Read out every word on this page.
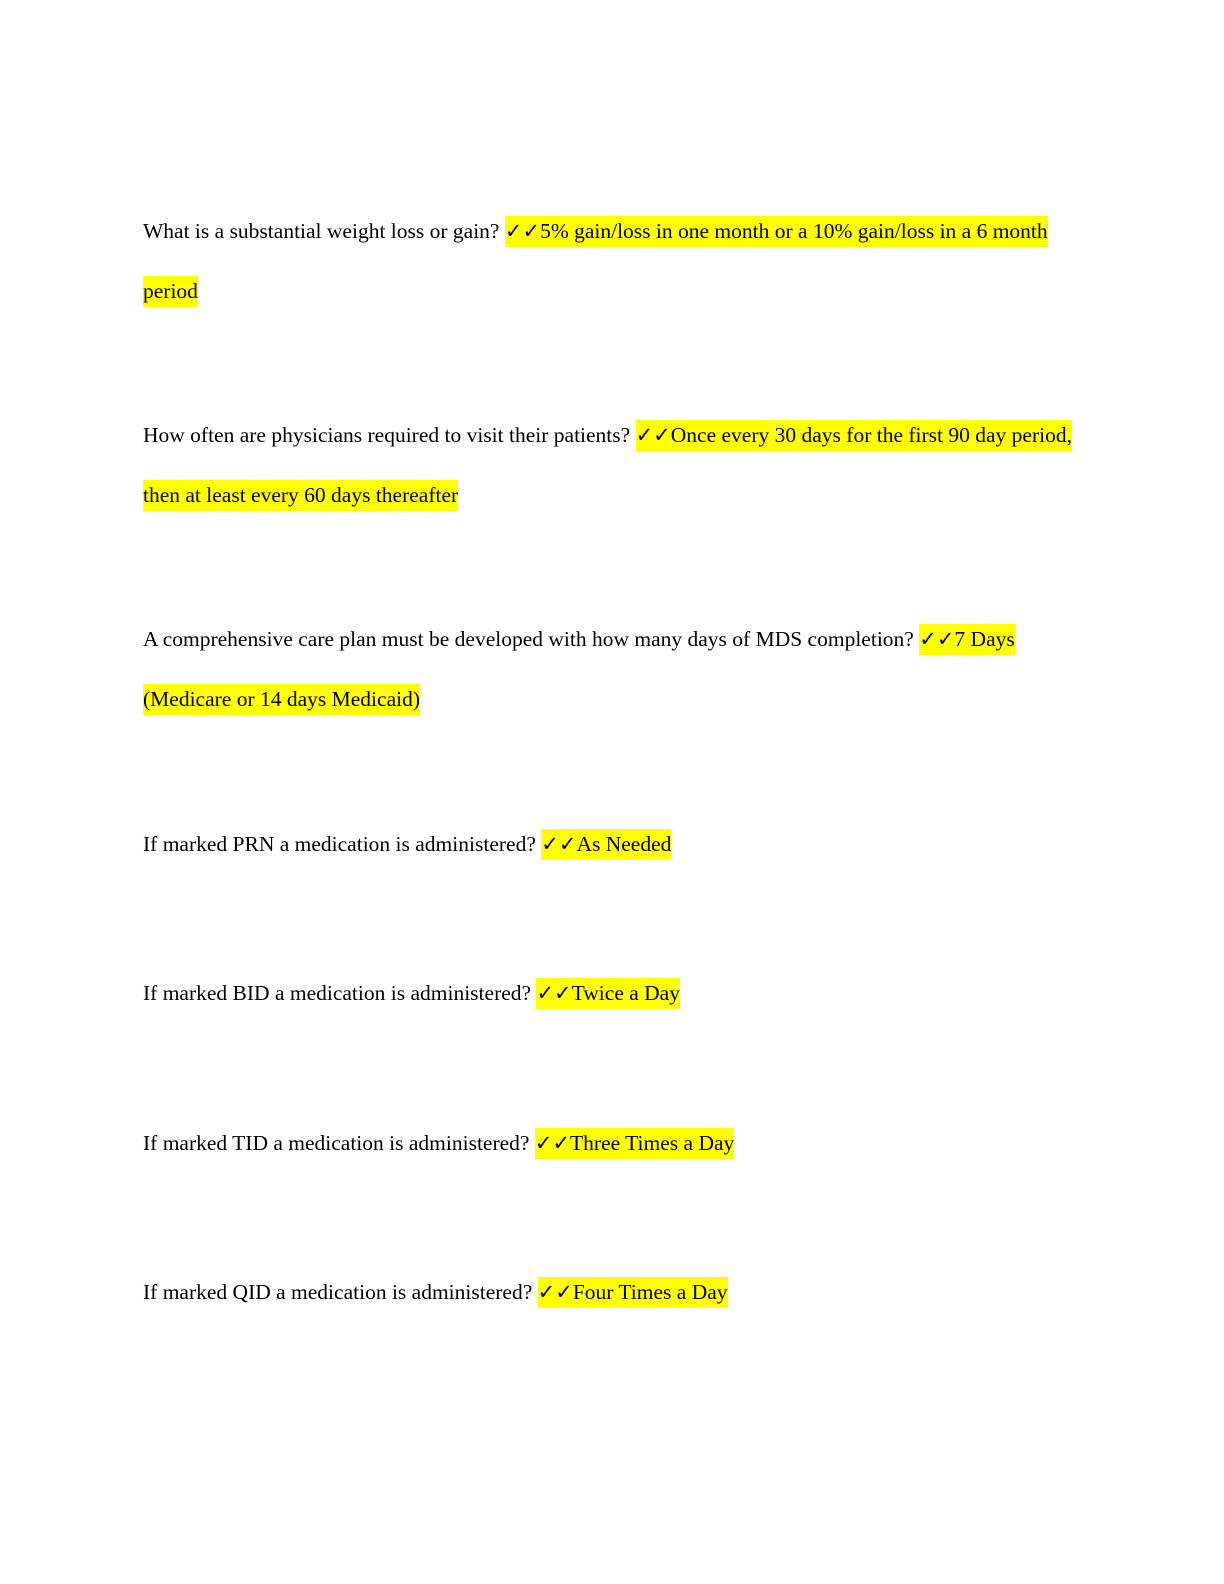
What is a substantial weight loss or gain? ✓✓5% gain/loss in one month or a 10% gain/loss in a 6 month period

How often are physicians required to visit their patients? ✓✓Once every 30 days for the first 90 day period, then at least every 60 days thereafter

A comprehensive care plan must be developed with how many days of MDS completion? ✓✓7 Days (Medicare or 14 days Medicaid)

If marked PRN a medication is administered? ✓✓As Needed

If marked BID a medication is administered? ✓✓Twice a Day

If marked TID a medication is administered? ✓✓Three Times a Day

If marked QID a medication is administered? ✓✓Four Times a Day
